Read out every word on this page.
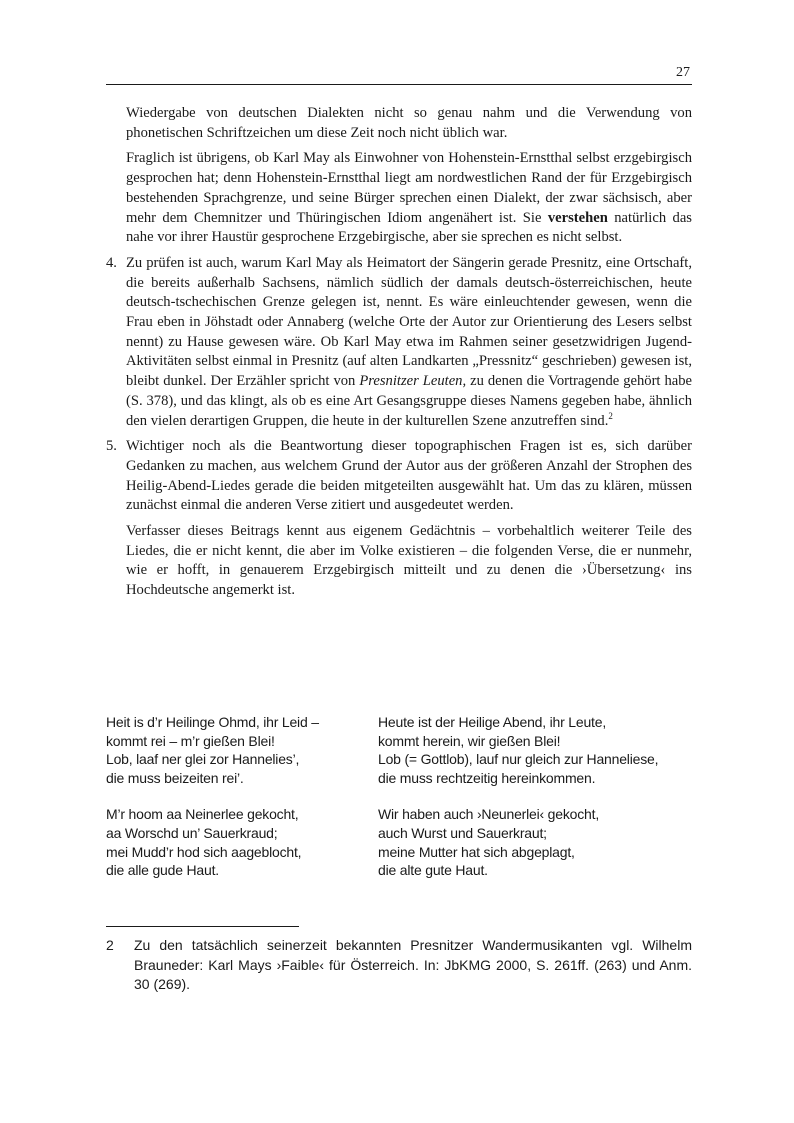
27

Wiedergabe von deutschen Dialekten nicht so genau nahm und die Verwendung von phonetischen Schriftzeichen um diese Zeit noch nicht üblich war.

Fraglich ist übrigens, ob Karl May als Einwohner von Hohenstein-Ernstthal selbst erzgebirgisch gesprochen hat; denn Hohenstein-Ernstthal liegt am nordwestlichen Rand der für Erzgebirgisch bestehenden Sprachgrenze, und seine Bürger sprechen einen Dialekt, der zwar sächsisch, aber mehr dem Chemnitzer und Thüringischen Idiom angenähert ist. Sie verstehen natürlich das nahe vor ihrer Haustür gesprochene Erzgebirgische, aber sie sprechen es nicht selbst.

4. Zu prüfen ist auch, warum Karl May als Heimatort der Sängerin gerade Presnitz, eine Ortschaft, die bereits außerhalb Sachsens, nämlich südlich der damals deutsch-österreichischen, heute deutsch-tschechischen Grenze gelegen ist, nennt. Es wäre einleuchtender gewesen, wenn die Frau eben in Jöhstadt oder Annaberg (welche Orte der Autor zur Orientierung des Lesers selbst nennt) zu Hause gewesen wäre. Ob Karl May etwa im Rahmen seiner gesetzwidrigen Jugend-Aktivitäten selbst einmal in Presnitz (auf alten Landkarten „Pressnitz“ geschrieben) gewesen ist, bleibt dunkel. Der Erzähler spricht von Presnitzer Leuten, zu denen die Vortragende gehört habe (S. 378), und das klingt, als ob es eine Art Gesangsgruppe dieses Namens gegeben habe, ähnlich den vielen derartigen Gruppen, die heute in der kulturellen Szene anzutreffen sind.$^2$

5. Wichtiger noch als die Beantwortung dieser topographischen Fragen ist es, sich darüber Gedanken zu machen, aus welchem Grund der Autor aus der größeren Anzahl der Strophen des Heilig-Abend-Liedes gerade die beiden mitgeteilten ausgewählt hat. Um das zu klären, müssen zunächst einmal die anderen Verse zitiert und ausgedeutet werden.

Verfasser dieses Beitrags kennt aus eigenem Gedächtnis – vorbehaltlich weiterer Teile des Liedes, die er nicht kennt, die aber im Volke existieren – die folgenden Verse, die er nunmehr, wie er hofft, in genauerem Erzgebirgisch mitteilt und zu denen die ›Übersetzung‹ ins Hochdeutsche angemerkt ist.

Heit is d’r Heilinge Ohmd, ihr Leid –
kommt rei – m’r gießen Blei!
Lob, laaf ner glei zor Hannelies’,
die muss beizeiten rei’.
Heute ist der Heilige Abend, ihr Leute,
kommt herein, wir gießen Blei!
Lob (= Gottlob), lauf nur gleich zur Hanneliese,
die muss rechtzeitig hereinkommen.
M’r hoom aa Neinerlee gekocht,
aa Worschd un’ Sauerkraud;
mei Mudd’r hod sich aageblocht,
die alle gude Haut.
Wir haben auch ›Neunerlei‹ gekocht,
auch Wurst und Sauerkraut;
meine Mutter hat sich abgeplagt,
die alte gute Haut.
2	Zu den tatsächlich seinerzeit bekannten Presnitzer Wandermusikanten vgl. Wilhelm Brauneder: Karl Mays ›Faible‹ für Österreich. In: JbKMG 2000, S. 261ff. (263) und Anm. 30 (269).
